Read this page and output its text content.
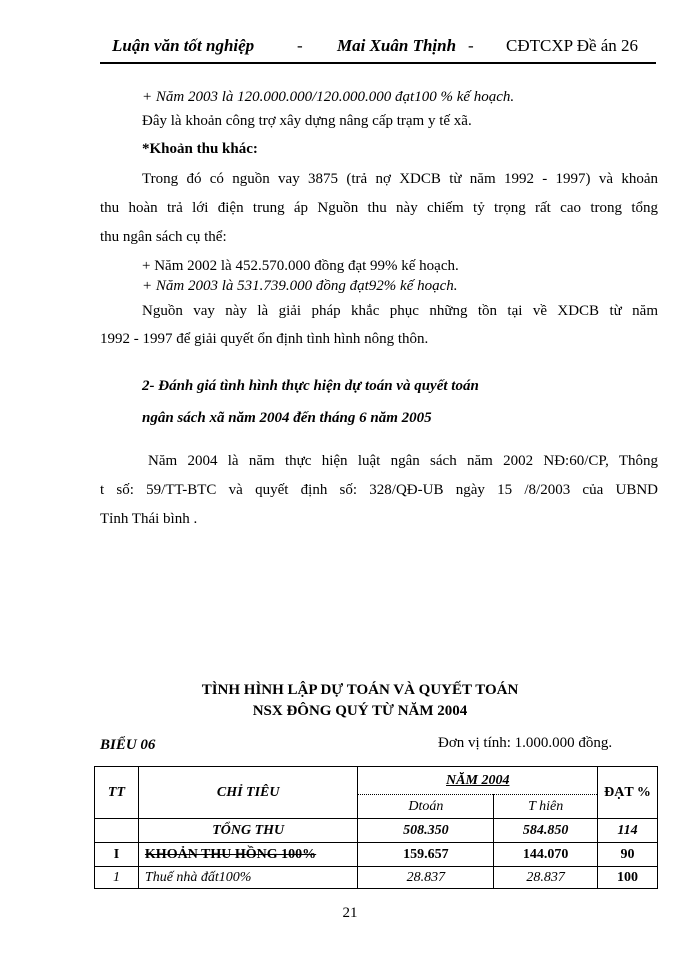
Luận văn tốt nghiệp	- Mai Xuân Thịnh - CĐTCXP Đề án 26
+ Năm 2003 là 120.000.000/120.000.000 đạt100 % kế hoạch.
Đây là khoản công trợ xây dựng nâng cấp trạm y tế xã.
*Khoản thu khác:
Trong đó có nguồn vay 3875 (trả nợ XDCB từ năm 1992 - 1997) và khoản
thu hoàn trả lới điện trung áp Nguồn thu này chiếm tỷ trọng rất cao trong tổng
thu ngân sách cụ thể:
+ Năm 2002 là 452.570.000 đồng đạt 99% kế hoạch.
+ Năm 2003 là 531.739.000 đồng đạt92% kế hoạch.
Nguồn vay này là giải pháp khắc phục những tồn tại về XDCB từ năm
1992 - 1997 để giải quyết ổn định tình hình nông thôn.
2- Đánh giá tình hình thực hiện dự toán và quyết toán
ngân sách xã năm 2004 đến tháng 6 năm 2005
Năm 2004 là năm thực hiện luật ngân sách năm 2002 NĐ:60/CP, Thông
t số: 59/TT-BTC và quyết định số: 328/QĐ-UB ngày 15 /8/2003 của UBND
Tỉnh Thái bình .
TÌNH HÌNH LẬP DỰ TOÁN VÀ QUYẾT TOÁN
NSX ĐÔNG QUÝ TỪ NĂM 2004
BIỂU 06	Đơn vị tính: 1.000.000 đồng.
TT	CHỈ TIÊU	NĂM 2004		ĐẠT %
		Dtoán	T hiên	
	TỔNG THU	508.350	584.850	114
I	KHOẢN THU HỒNG 100%	159.657	144.070	90
1	Thuế nhà đất100%	28.837	28.837	100
21
